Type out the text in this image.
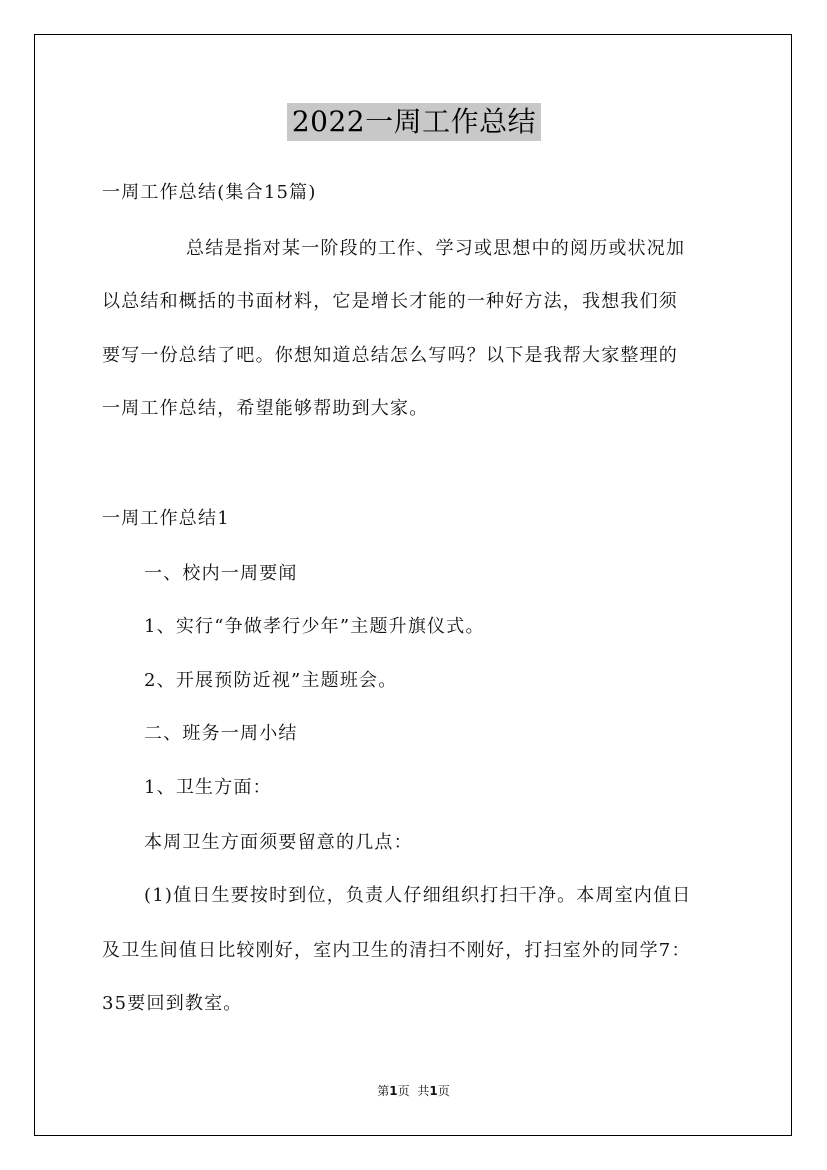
2022一周工作总结
一周工作总结(集合15篇)
总结是指对某一阶段的工作、学习或思想中的阅历或状况加
以总结和概括的书面材料，它是增长才能的一种好方法，我想我们须
要写一份总结了吧。你想知道总结怎么写吗？以下是我帮大家整理的
一周工作总结，希望能够帮助到大家。
一周工作总结1
一、校内一周要闻
1、实行“争做孝行少年”主题升旗仪式。
2、开展预防近视”主题班会。
二、班务一周小结
1、卫生方面：
本周卫生方面须要留意的几点：
(1)值日生要按时到位，负责人仔细组织打扫干净。本周室内值日
及卫生间值日比较刚好，室内卫生的清扫不刚好，打扫室外的同学7：
35要回到教室。
第1页 共1页
